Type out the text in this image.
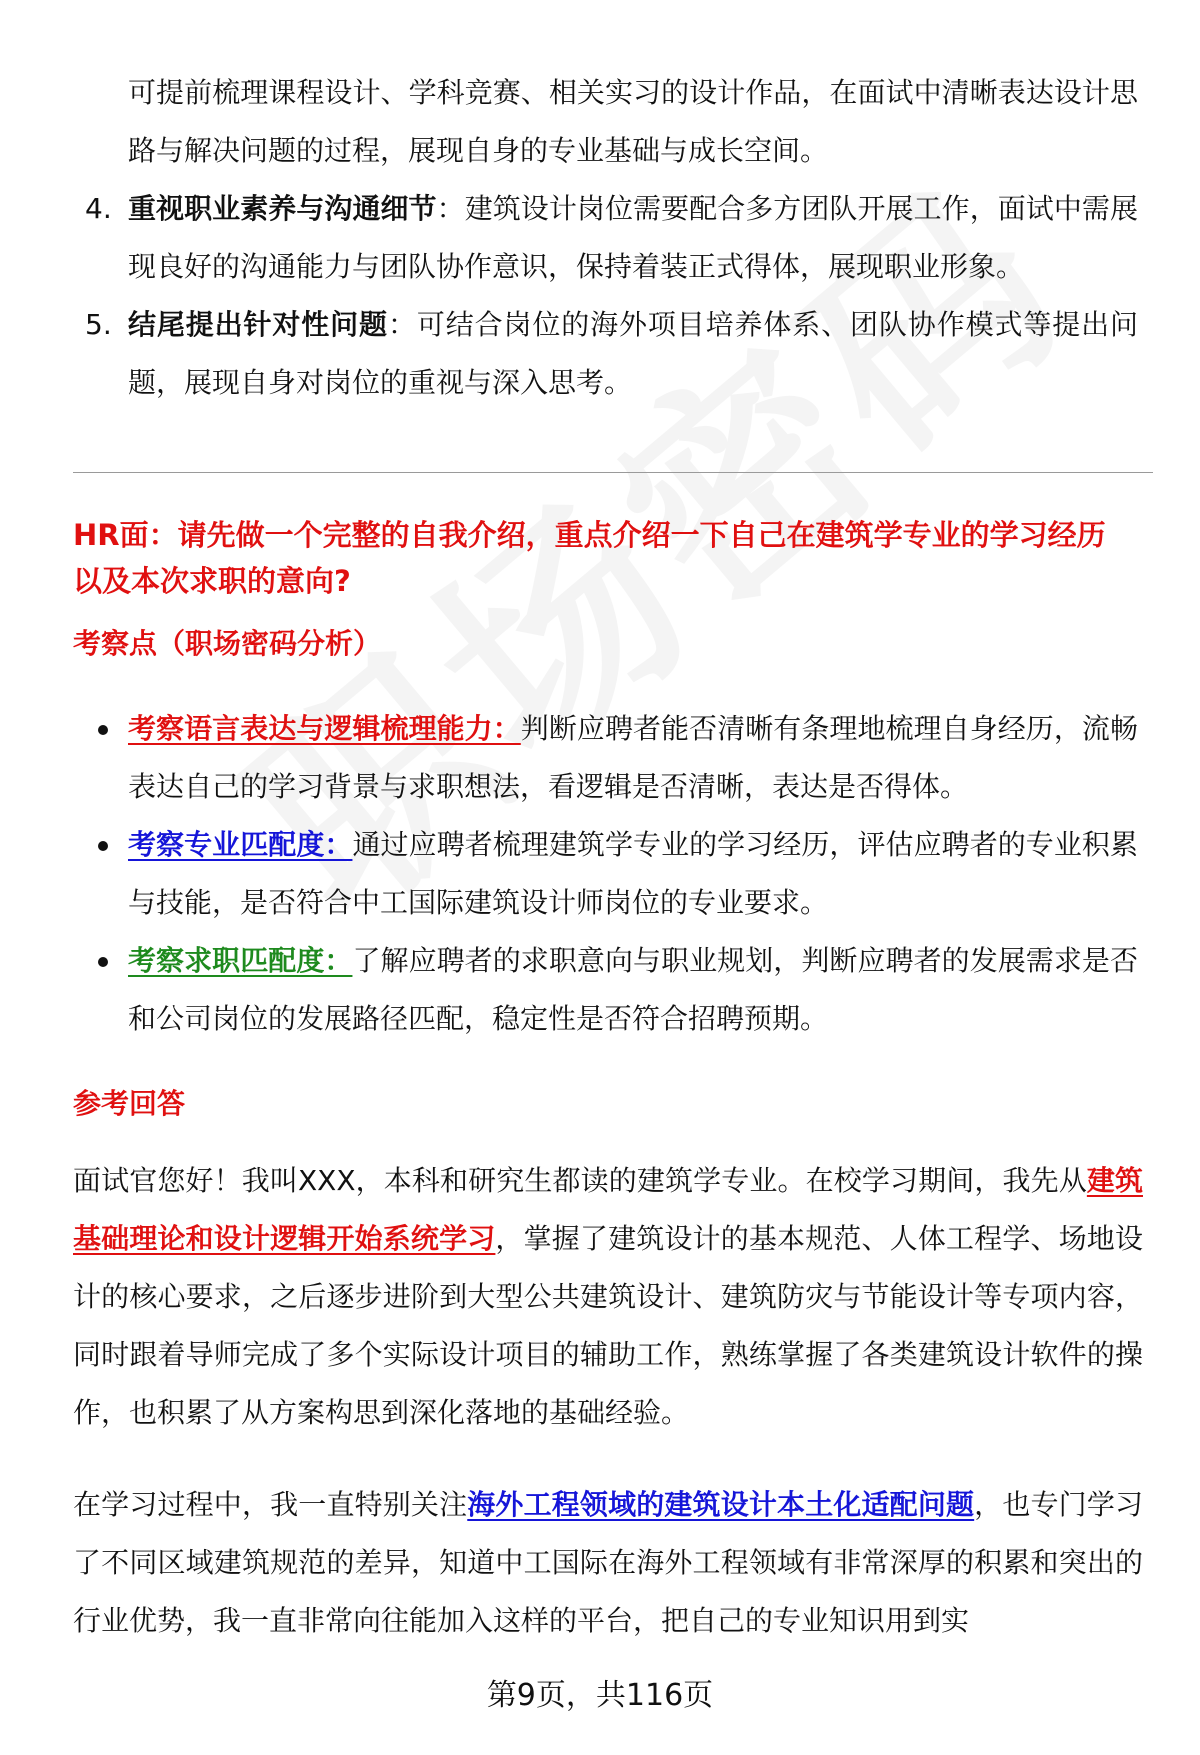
可提前梳理课程设计、学科竞赛、相关实习的设计作品，在面试中清晰表达设计思路与解决问题的过程，展现自身的专业基础与成长空间。

4. 重视职业素养与沟通细节：建筑设计岗位需要配合多方团队开展工作，面试中需展现良好的沟通能力与团队协作意识，保持着装正式得体，展现职业形象。
5. 结尾提出针对性问题：可结合岗位的海外项目培养体系、团队协作模式等提出问题，展现自身对岗位的重视与深入思考。
HR面：请先做一个完整的自我介绍，重点介绍一下自己在建筑学专业的学习经历以及本次求职的意向?
考察点（职场密码分析）
考察语言表达与逻辑梳理能力：判断应聘者能否清晰有条理地梳理自身经历，流畅表达自己的学习背景与求职想法，看逻辑是否清晰，表达是否得体。
考察专业匹配度：通过应聘者梳理建筑学专业的学习经历，评估应聘者的专业积累与技能，是否符合中工国际建筑设计师岗位的专业要求。
考察求职匹配度：了解应聘者的求职意向与职业规划，判断应聘者的发展需求是否和公司岗位的发展路径匹配，稳定性是否符合招聘预期。
参考回答

面试官您好！我叫XXX，本科和研究生都读的建筑学专业。在校学习期间，我先从建筑基础理论和设计逻辑开始系统学习，掌握了建筑设计的基本规范、人体工程学、场地设计的核心要求，之后逐步进阶到大型公共建筑设计、建筑防灾与节能设计等专项内容，同时跟着导师完成了多个实际设计项目的辅助工作，熟练掌握了各类建筑设计软件的操作，也积累了从方案构思到深化落地的基础经验。

在学习过程中，我一直特别关注海外工程领域的建筑设计本土化适配问题，也专门学习了不同区域建筑规范的差异，知道中工国际在海外工程领域有非常深厚的积累和突出的行业优势，我一直非常向往能加入这样的平台，把自己的专业知识用到实

第9页，共116页
